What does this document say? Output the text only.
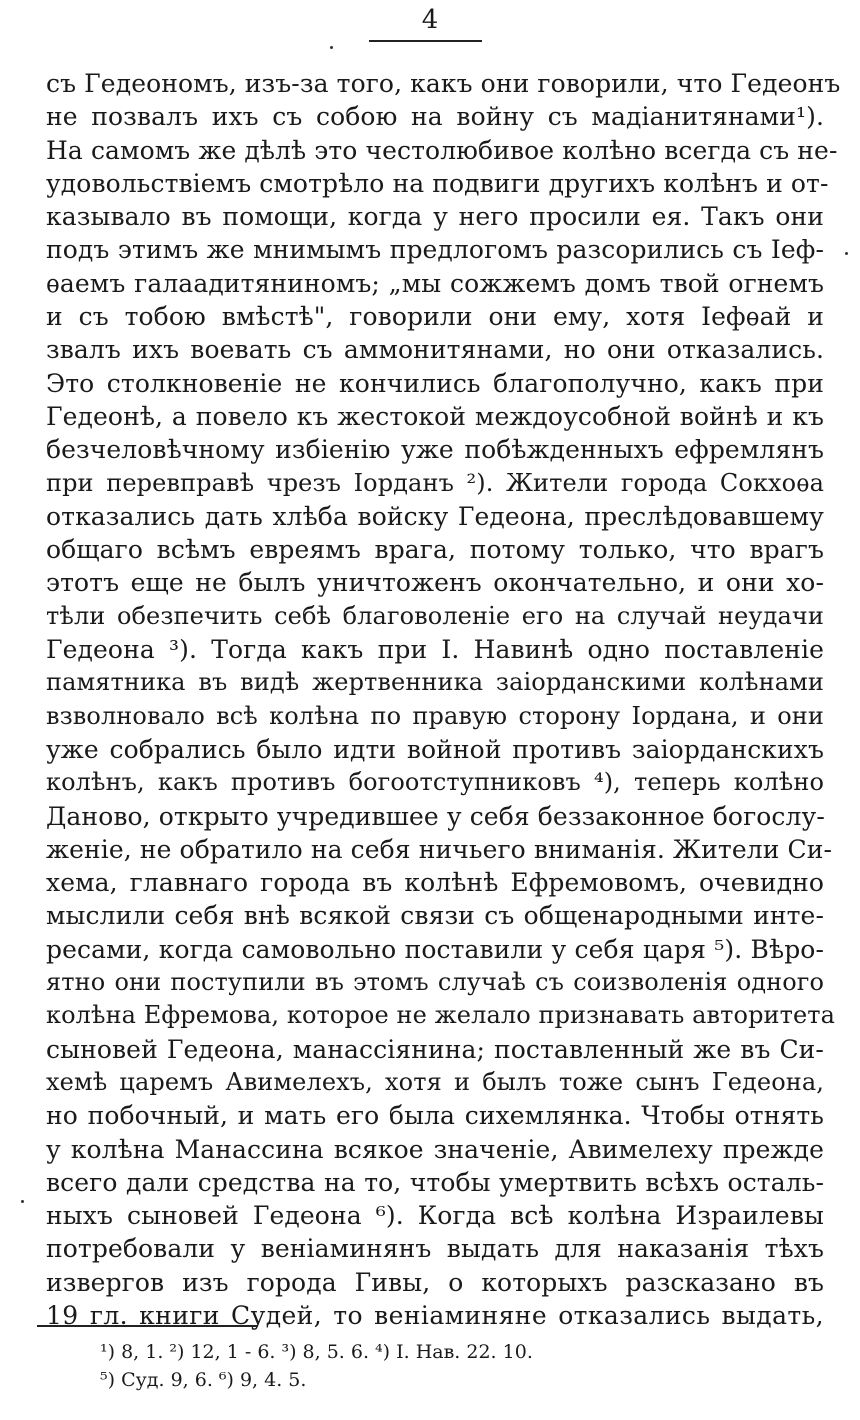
4
съ Гедеономъ, изъ-за того, какъ они говорили, что Гедеонъ
не позвалъ ихъ съ собою на войну съ мадіанитянами¹).
На самомъ же дѣлѣ это честолюбивое колѣно всегда съ не-
удовольствіемъ смотрѣло на подвиги другихъ колѣнъ и от-
казывало въ помощи, когда у него просили ея. Такъ они
подъ этимъ же мнимымъ предлогомъ разсорились съ Іеф-
ѳаемъ галаадитяниномъ; „мы сожжемъ домъ твой огнемъ
и съ тобою вмѣстѣ", говорили они ему, хотя Іефѳай и
звалъ ихъ воевать съ аммонитянами, но они отказались.
Это столкновеніе не кончились благополучно, какъ при
Гедеонѣ, а повело къ жестокой междоусобной войнѣ и къ
безчеловѣчному избіенію уже побѣжденныхъ ефремлянъ
при перевправѣ чрезъ Іорданъ ²). Жители города Сокхоѳа
отказались дать хлѣба войску Гедеона, преслѣдовавшему
общаго всѣмъ евреямъ врага, потому только, что врагъ
этотъ еще не былъ уничтоженъ окончательно, и они хо-
тѣли обезпечить себѣ благоволеніе его на случай неудачи
Гедеона ³). Тогда какъ при І. Навинѣ одно поставленіе
памятника въ видѣ жертвенника заіорданскими колѣнами
взволновало всѣ колѣна по правую сторону Іордана, и они
уже собрались было идти войной противъ заіорданскихъ
колѣнъ, какъ противъ богоотступниковъ ⁴), теперь колѣно
Даново, открыто учредившее у себя беззаконное богослу-
женіе, не обратило на себя ничьего вниманія. Жители Си-
хема, главнаго города въ колѣнѣ Ефремовомъ, очевидно
мыслили себя внѣ всякой связи съ общенародными инте-
ресами, когда самовольно поставили у себя царя ⁵). Вѣро-
ятно они поступили въ этомъ случаѣ съ соизволенія одного
колѣна Ефремова, которое не желало признавать авторитета
сыновей Гедеона, манассіянина; поставленный же въ Си-
хемѣ царемъ Авимелехъ, хотя и былъ тоже сынъ Гедеона,
но побочный, и мать его была сихемлянка. Чтобы отнять
у колѣна Манассина всякое значеніе, Авимелеху прежде
всего дали средства на то, чтобы умертвить всѣхъ осталь-
ныхъ сыновей Гедеона ⁶). Когда всѣ колѣна Израилевы
потребовали у веніаминянъ выдать для наказанія тѣхъ
извергов изъ города Гивы, о которыхъ разсказано въ
19 гл. книги Судей, то веніаминяне отказались выдать,
¹) 8, 1. ²) 12, 1 - 6. ³) 8, 5. 6. ⁴) І. Нав. 22. 10.
⁵) Суд. 9, 6. ⁶) 9, 4. 5.
